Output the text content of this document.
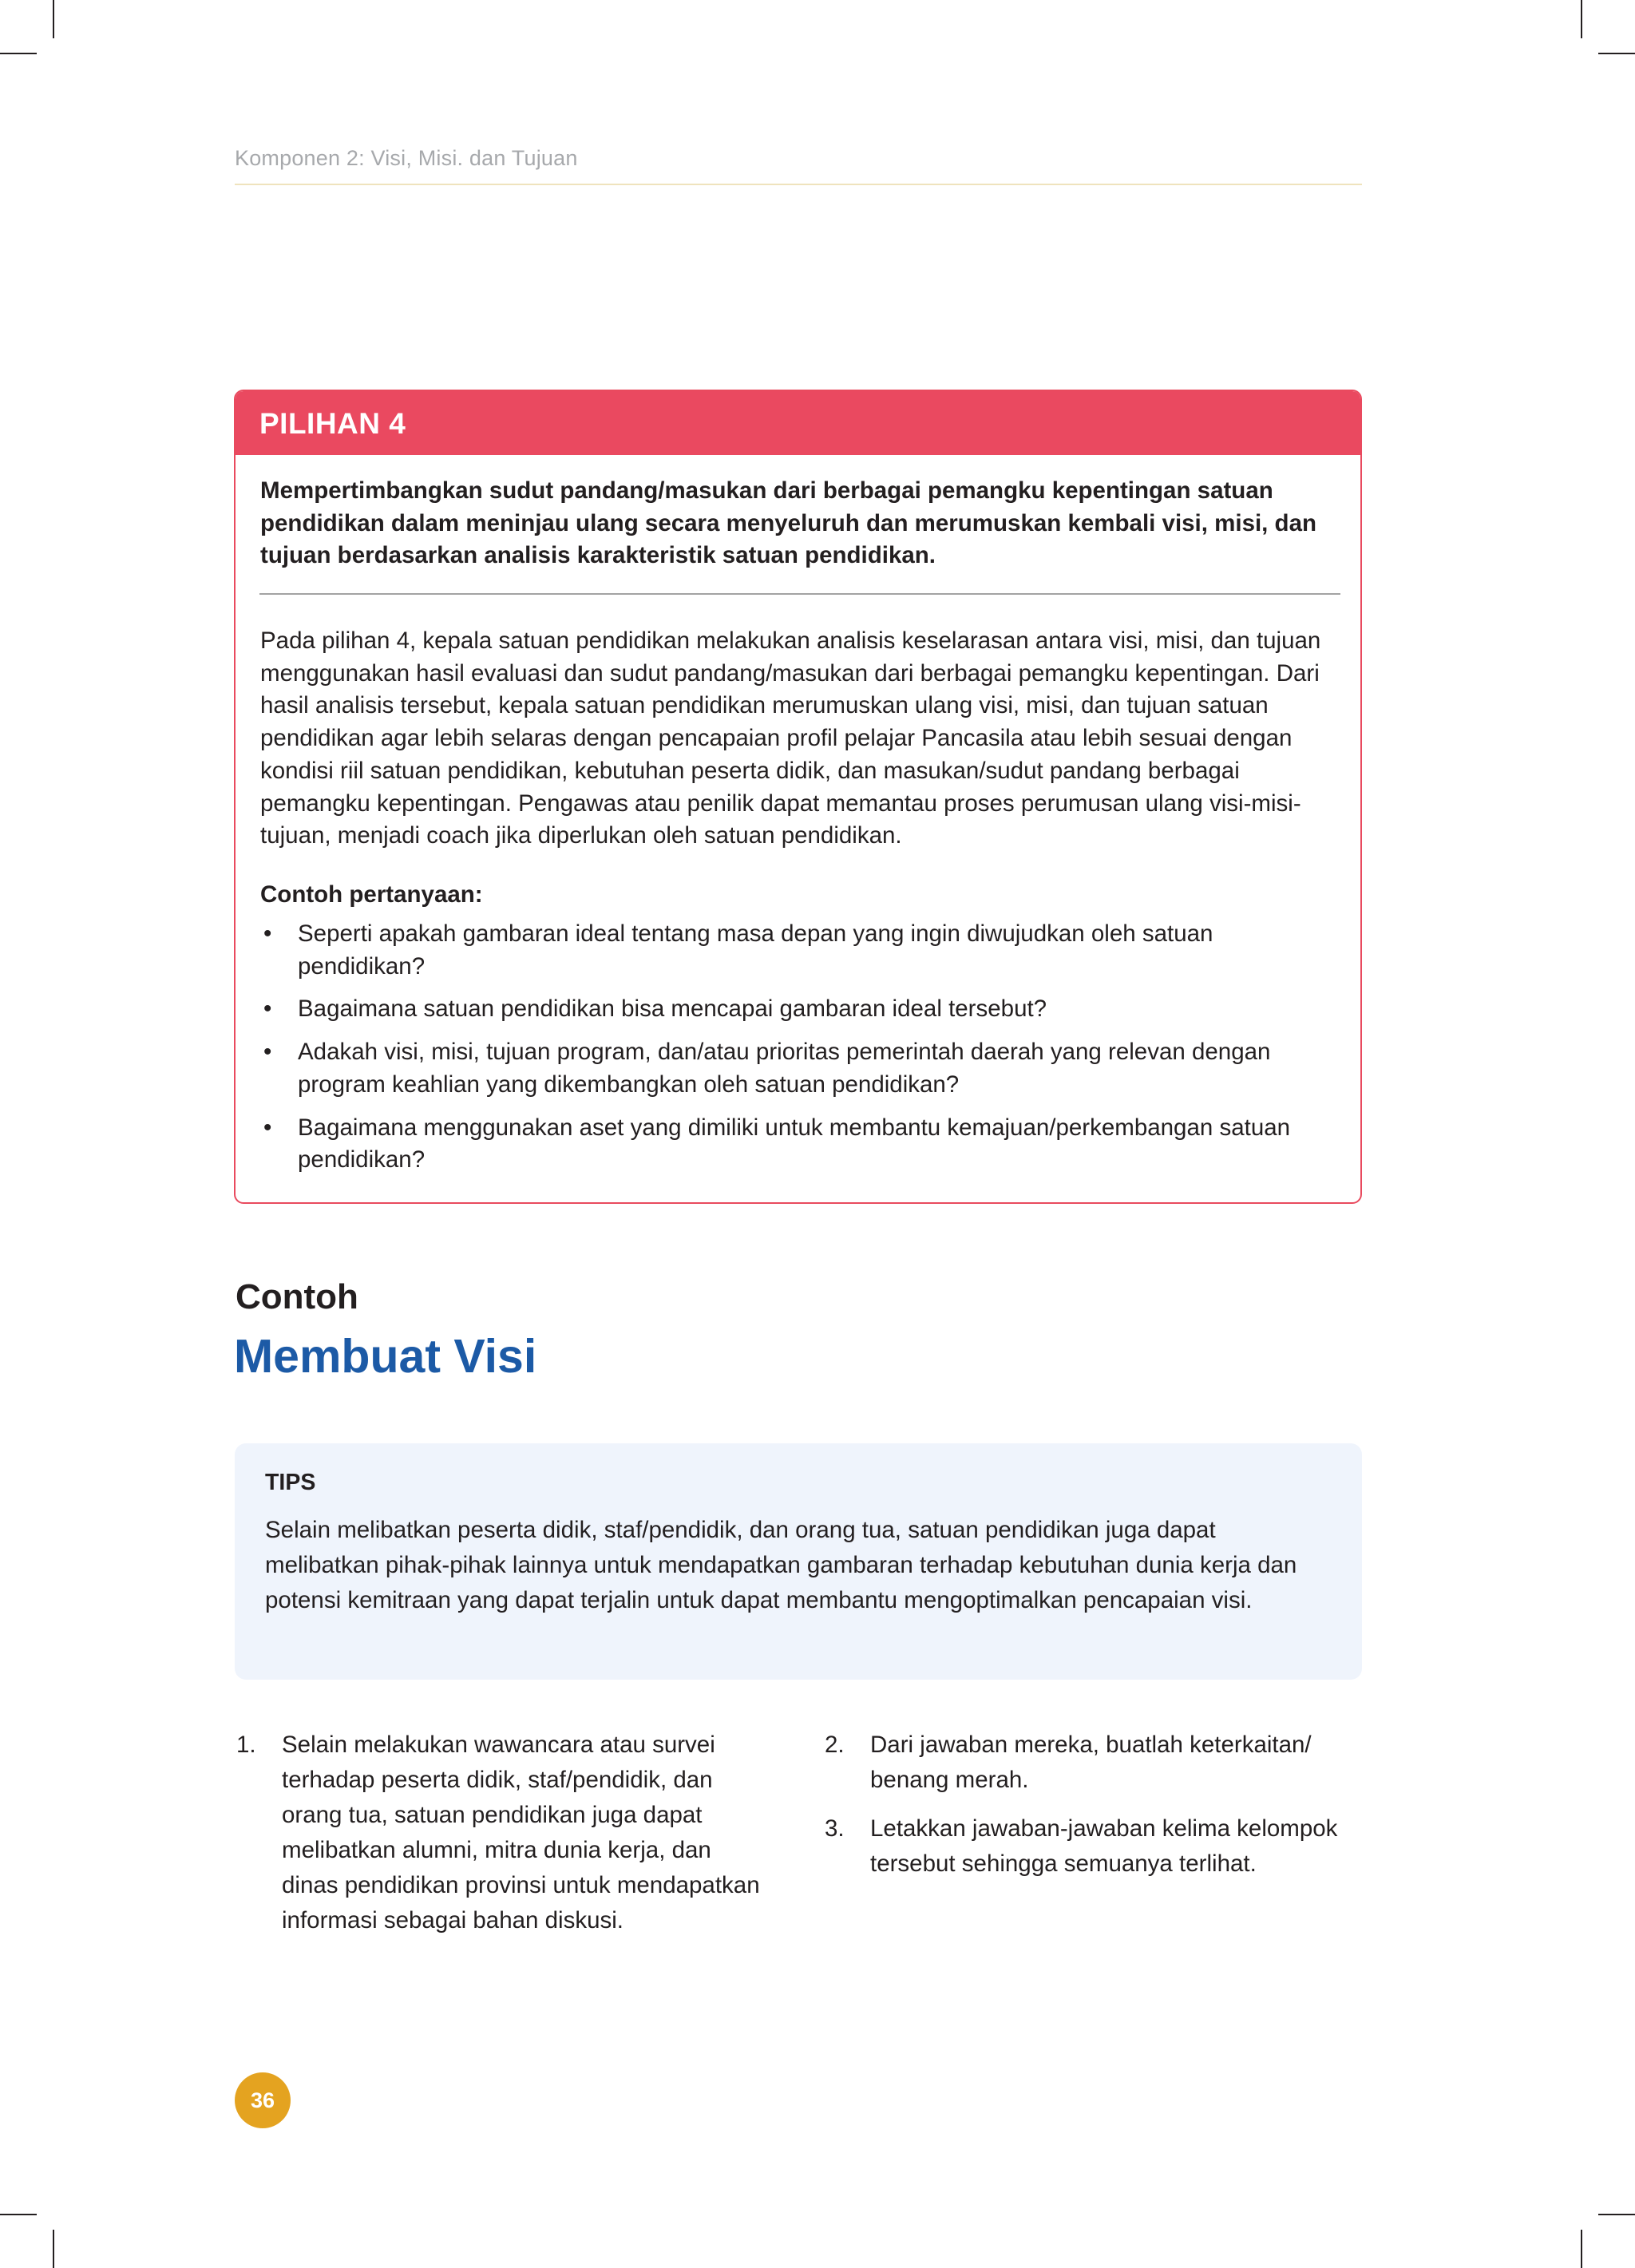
Komponen 2: Visi, Misi. dan Tujuan
PILIHAN 4
Mempertimbangkan sudut pandang/masukan dari berbagai pemangku kepentingan satuan pendidikan dalam meninjau ulang secara menyeluruh dan merumuskan kembali visi, misi, dan tujuan berdasarkan analisis karakteristik satuan pendidikan.
Pada pilihan 4, kepala satuan pendidikan melakukan analisis keselarasan antara visi, misi, dan tujuan menggunakan hasil evaluasi dan sudut pandang/masukan dari berbagai pemangku kepentingan. Dari hasil analisis tersebut, kepala satuan pendidikan merumuskan ulang visi, misi, dan tujuan satuan pendidikan agar lebih selaras dengan pencapaian profil pelajar Pancasila atau lebih sesuai dengan kondisi riil satuan pendidikan, kebutuhan peserta didik, dan masukan/sudut pandang berbagai pemangku kepentingan. Pengawas atau penilik dapat memantau proses perumusan ulang visi-misi-tujuan, menjadi coach jika diperlukan oleh satuan pendidikan.
Contoh pertanyaan:
• Seperti apakah gambaran ideal tentang masa depan yang ingin diwujudkan oleh satuan pendidikan?
• Bagaimana satuan pendidikan bisa mencapai gambaran ideal tersebut?
• Adakah visi, misi, tujuan program, dan/atau prioritas pemerintah daerah yang relevan dengan program keahlian yang dikembangkan oleh satuan pendidikan?
• Bagaimana menggunakan aset yang dimiliki untuk membantu kemajuan/perkembangan satuan pendidikan?
Contoh
Membuat Visi
TIPS
Selain melibatkan peserta didik, staf/pendidik, dan orang tua, satuan pendidikan juga dapat melibatkan pihak-pihak lainnya untuk mendapatkan gambaran terhadap kebutuhan dunia kerja dan potensi kemitraan yang dapat terjalin untuk dapat membantu mengoptimalkan pencapaian visi.
1. Selain melakukan wawancara atau survei terhadap peserta didik, staf/pendidik, dan orang tua, satuan pendidikan juga dapat melibatkan alumni, mitra dunia kerja, dan dinas pendidikan provinsi untuk mendapatkan informasi sebagai bahan diskusi.
2. Dari jawaban mereka, buatlah keterkaitan/ benang merah.
3. Letakkan jawaban-jawaban kelima kelompok tersebut sehingga semuanya terlihat.
36
